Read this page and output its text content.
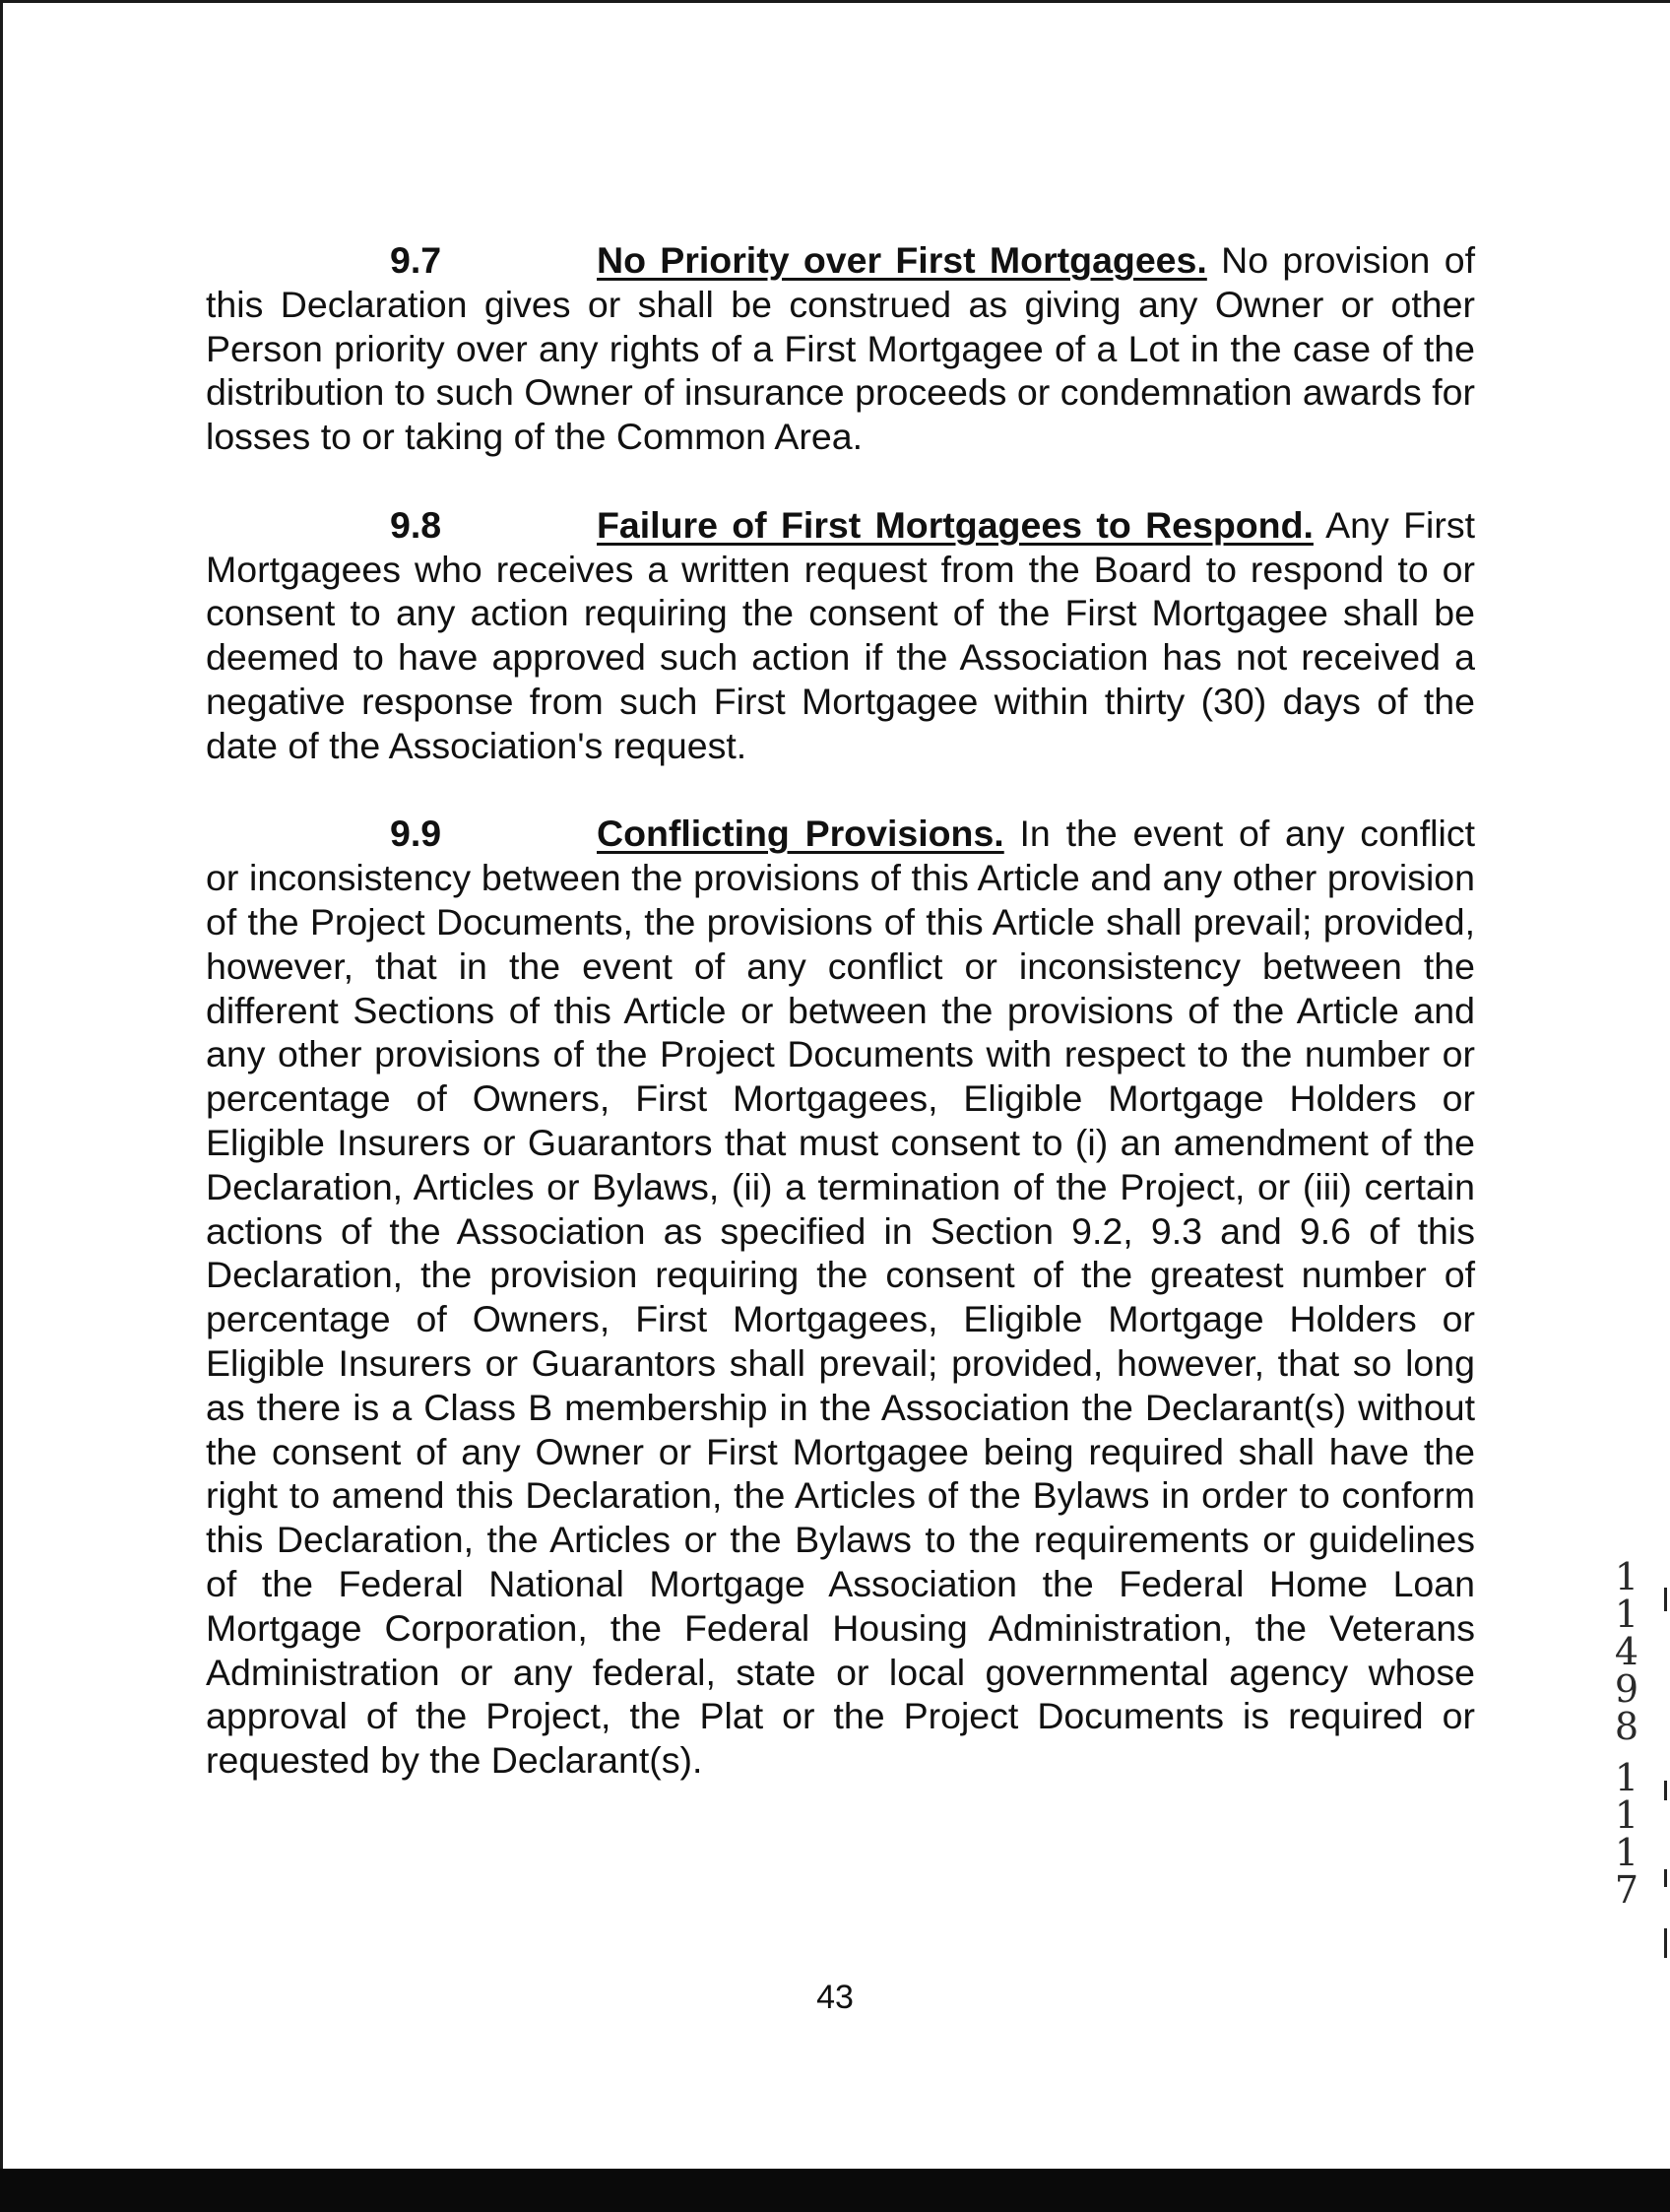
9.7	No Priority over First Mortgagees. No provision of this Declaration gives or shall be construed as giving any Owner or other Person priority over any rights of a First Mortgagee of a Lot in the case of the distribution to such Owner of insurance proceeds or condemnation awards for losses to or taking of the Common Area.

9.8	Failure of First Mortgagees to Respond. Any First Mortgagees who receives a written request from the Board to respond to or consent to any action requiring the consent of the First Mortgagee shall be deemed to have approved such action if the Association has not received a negative response from such First Mortgagee within thirty (30) days of the date of the Association's request.

9.9	Conflicting Provisions. In the event of any conflict or inconsistency between the provisions of this Article and any other provision of the Project Documents, the provisions of this Article shall prevail; provided, however, that in the event of any conflict or inconsistency between the different Sections of this Article or between the provisions of the Article and any other provisions of the Project Documents with respect to the number or percentage of Owners, First Mortgagees, Eligible Mortgage Holders or Eligible Insurers or Guarantors that must consent to (i) an amendment of the Declaration, Articles or Bylaws, (ii) a termination of the Project, or (iii) certain actions of the Association as specified in Section 9.2, 9.3 and 9.6 of this Declaration, the provision requiring the consent of the greatest number of percentage of Owners, First Mortgagees, Eligible Mortgage Holders or Eligible Insurers or Guarantors shall prevail; provided, however, that so long as there is a Class B membership in the Association the Declarant(s) without the consent of any Owner or First Mortgagee being required shall have the right to amend this Declaration, the Articles of the Bylaws in order to conform this Declaration, the Articles or the Bylaws to the requirements or guidelines of the Federal National Mortgage Association the Federal Home Loan Mortgage Corporation, the Federal Housing Administration, the Veterans Administration or any federal, state or local governmental agency whose approval of the Project, the Plat or the Project Documents is required or requested by the Declarant(s).

43
1
1
4
9
8
1
1
1
7
